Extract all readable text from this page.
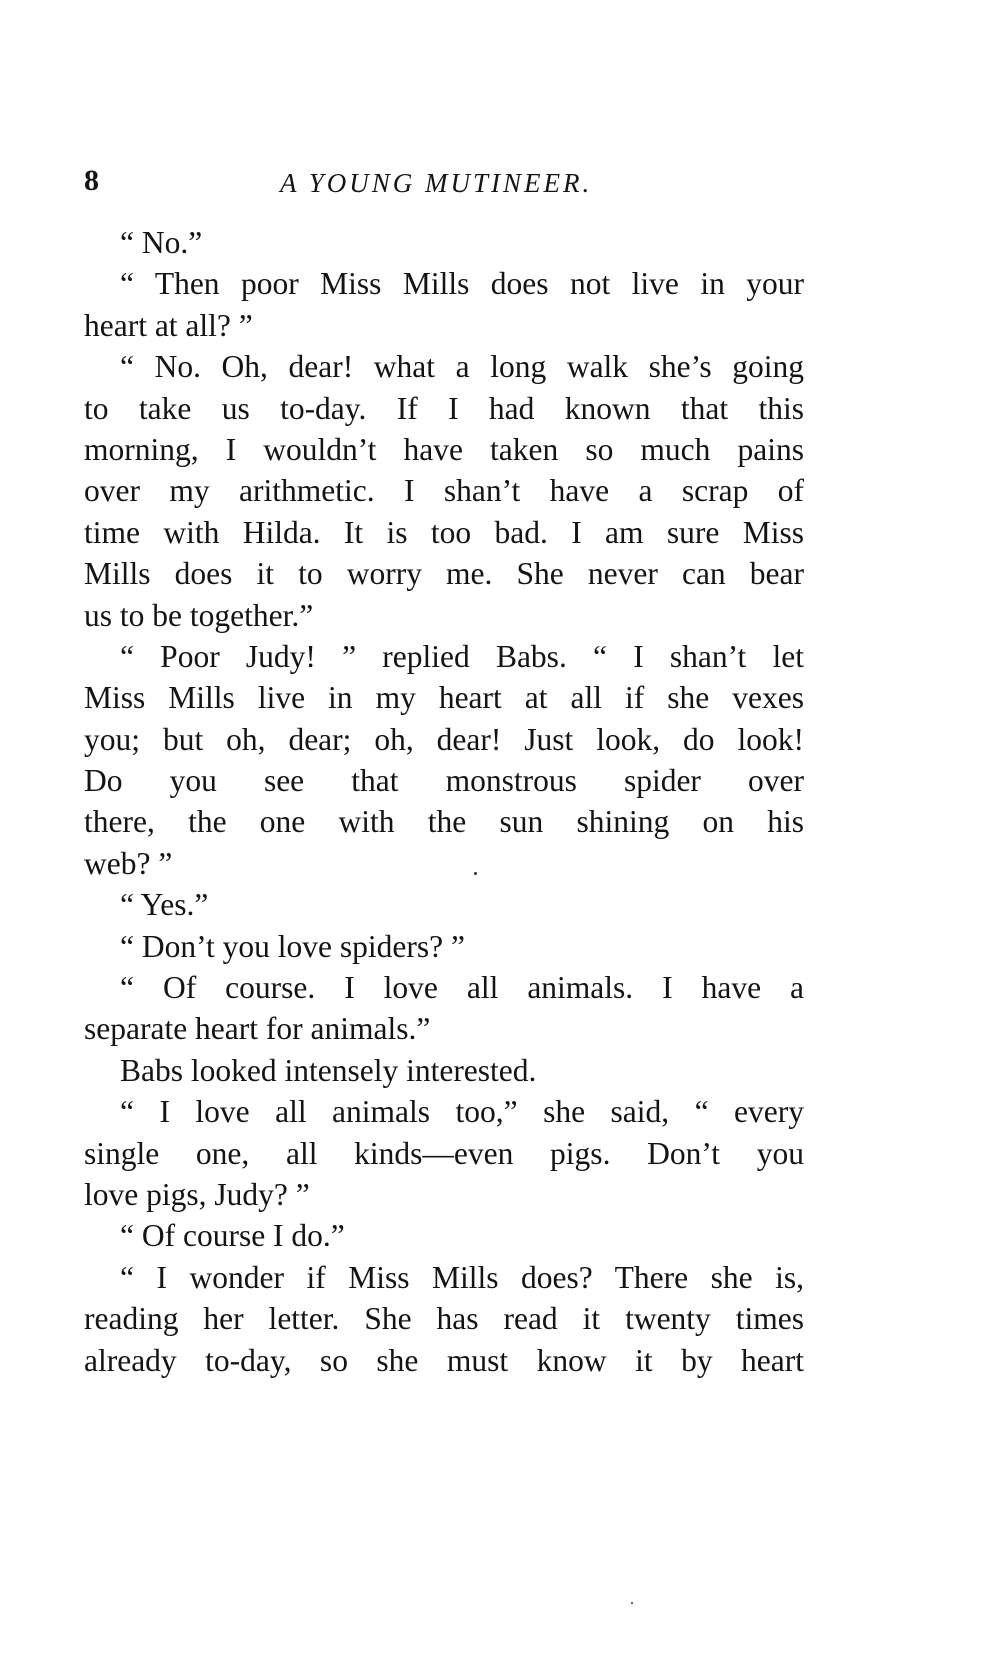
8	A YOUNG MUTINEER.
“ No.”
“ Then poor Miss Mills does not live in your
heart at all? ”
“ No. Oh, dear! what a long walk she’s going
to take us to-day. If I had known that this
morning, I wouldn’t have taken so much pains
over my arithmetic. I shan’t have a scrap of
time with Hilda. It is too bad. I am sure Miss
Mills does it to worry me. She never can bear
us to be together.”
“ Poor Judy! ” replied Babs. “ I shan’t let
Miss Mills live in my heart at all if she vexes
you; but oh, dear; oh, dear! Just look, do look!
Do you see that monstrous spider over
there, the one with the sun shining on his
web? ”
“ Yes.”
“ Don’t you love spiders? ”
“ Of course. I love all animals. I have a
separate heart for animals.”
Babs looked intensely interested.
“ I love all animals too,” she said, “ every
single one, all kinds—even pigs. Don’t you
love pigs, Judy? ”
“ Of course I do.”
“ I wonder if Miss Mills does? There she is,
reading her letter. She has read it twenty times
already to-day, so she must know it by heart
